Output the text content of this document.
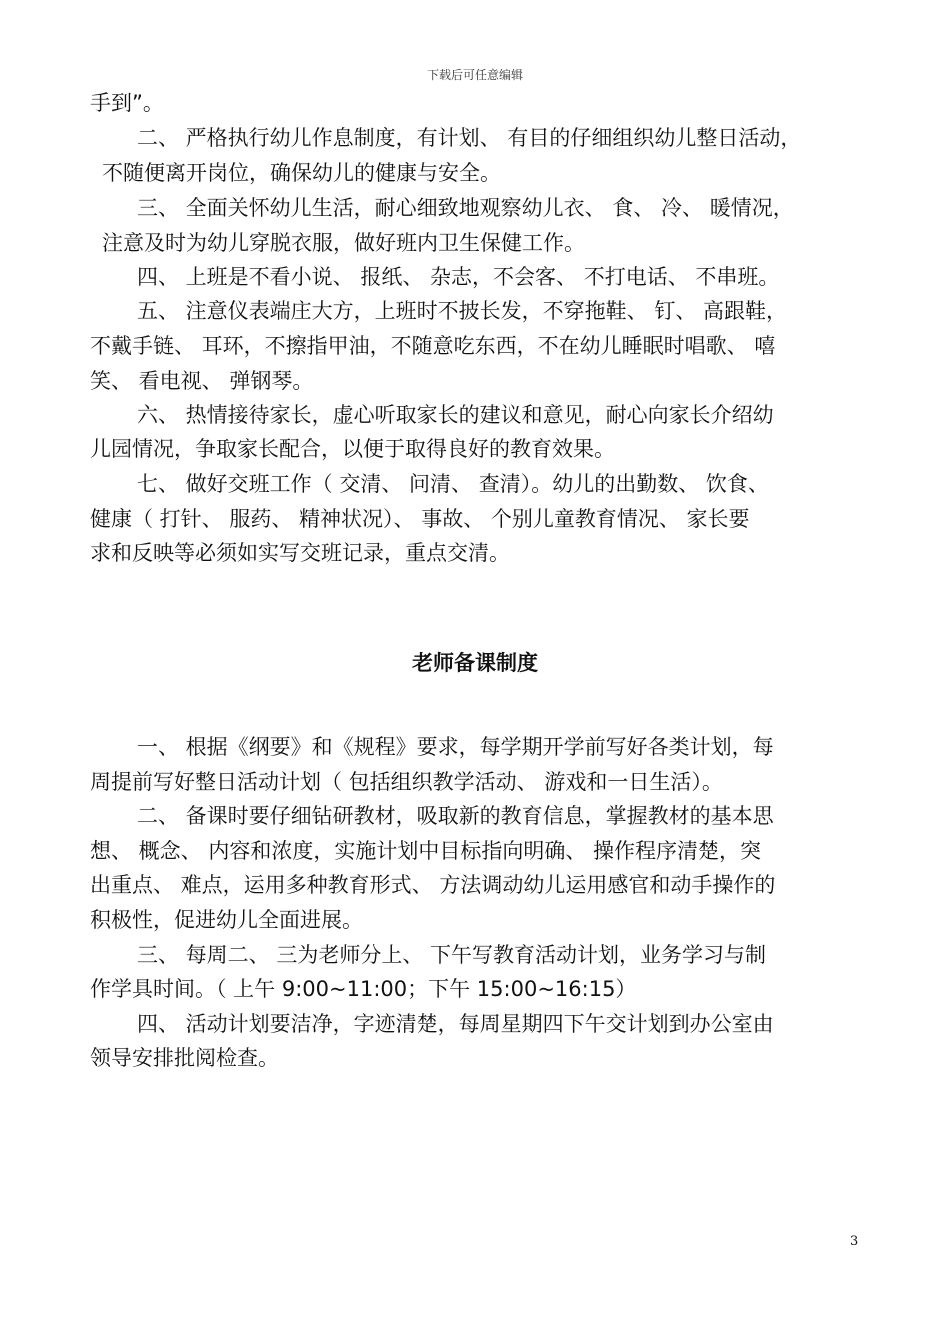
下载后可任意编辑
手到”。
二、 严格执行幼儿作息制度，有计划、 有目的仔细组织幼儿整日活动，
不随便离开岗位，确保幼儿的健康与安全。
三、 全面关怀幼儿生活，耐心细致地观察幼儿衣、 食、 冷、 暖情况，
注意及时为幼儿穿脱衣服，做好班内卫生保健工作。
四、 上班是不看小说、 报纸、 杂志，不会客、 不打电话、 不串班。
五、 注意仪表端庄大方，上班时不披长发，不穿拖鞋、 钉、 高跟鞋，
不戴手链、 耳环，不擦指甲油，不随意吃东西，不在幼儿睡眠时唱歌、 嘻
笑、 看电视、 弹钢琴。
六、 热情接待家长，虚心听取家长的建议和意见，耐心向家长介绍幼
儿园情况，争取家长配合，以便于取得良好的教育效果。
七、 做好交班工作（ 交清、 问清、 查清）。幼儿的出勤数、 饮食、
健康（ 打针、 服药、 精神状况）、 事故、 个别儿童教育情况、 家长要
求和反映等必须如实写交班记录，重点交清。
老师备课制度
一、 根据《纲要》和《规程》要求，每学期开学前写好各类计划，每
周提前写好整日活动计划（ 包括组织教学活动、 游戏和一日生活）。
二、 备课时要仔细钻研教材，吸取新的教育信息，掌握教材的基本思
想、 概念、 内容和浓度，实施计划中目标指向明确、 操作程序清楚，突
出重点、 难点，运用多种教育形式、 方法调动幼儿运用感官和动手操作的
积极性，促进幼儿全面进展。
三、 每周二、 三为老师分上、 下午写教育活动计划，业务学习与制
作学具时间。（ 上午 9:00~11:00；下午 15:00~16:15）
四、 活动计划要洁净，字迹清楚，每周星期四下午交计划到办公室由
领导安排批阅检查。
3
